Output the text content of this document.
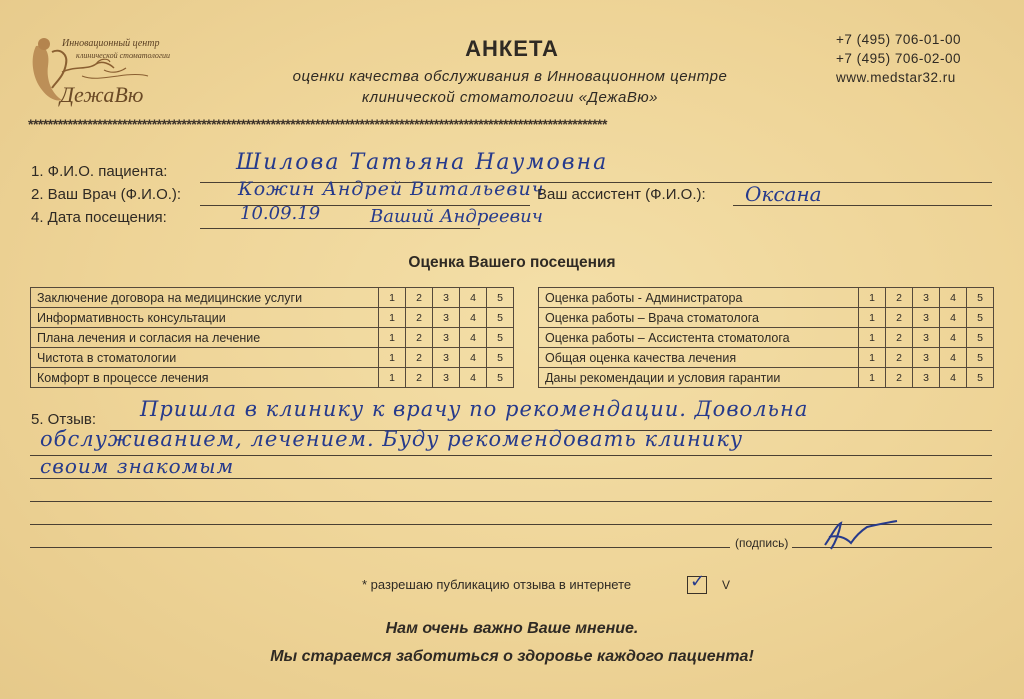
Инновационный центр
клинической стоматологии
ДежаВю
АНКЕТА
оценки качества обслуживания в Инновационном центре
клинической стоматологии «ДежаВю»
+7 (495) 706-01-00
+7 (495) 706-02-00
www.medstar32.ru
*********************************************************************************************************************
1. Ф.И.О. пациента:	Шилова Татьяна Наумовна
2. Ваш Врач (Ф.И.О.):	Кожин Андрей Витальевич
Ваш ассистент (Ф.И.О.): Оксана
4. Дата посещения:	10.09.19	Ваший Андреевич
Оценка Вашего посещения
Заключение договора на медицинские услуги	1	2	3	4	5
Информативность консультации	1	2	3	4	5
Плана лечения и согласия на лечение	1	2	3	4	5
Чистота в стоматологии	1	2	3	4	5
Комфорт в процессе лечения	1	2	3	4	5
Оценка работы - Администратора	1	2	3	4	5
Оценка работы – Врача стоматолога	1	2	3	4	5
Оценка работы – Ассистента стоматолога	1	2	3	4	5
Общая оценка качества лечения	1	2	3	4	5
Даны рекомендации и условия гарантии	1	2	3	4	5
5. Отзыв: Пришла в клинику к врачу по рекомендации. Довольна
обслуживанием, лечением. Буду рекомендовать клинику
своим знакомым
(подпись)
* разрешаю публикацию отзыва в интернете	✓ V
Нам очень важно Ваше мнение.
Мы стараемся заботиться о здоровье каждого пациента!
